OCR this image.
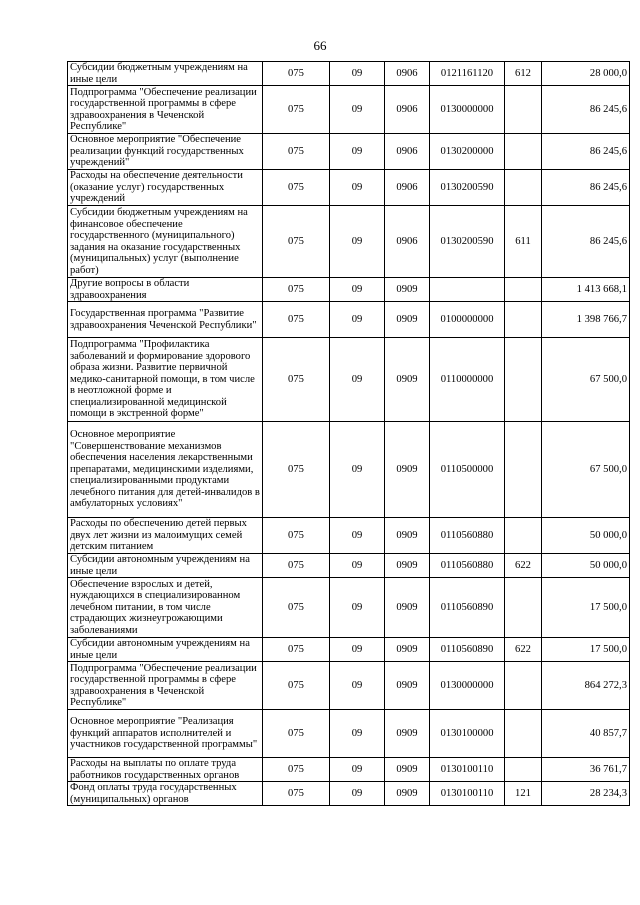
66
Субсидии бюджетным учреждениям на иные цели	075	09	0906	0121161120	612	28 000,0
Подпрограмма "Обеспечение реализации государственной программы в сфере здравоохранения в Чеченской Республике"	075	09	0906	0130000000		86 245,6
Основное мероприятие "Обеспечение реализации функций государственных учреждений"	075	09	0906	0130200000		86 245,6
Расходы на обеспечение деятельности (оказание услуг) государственных учреждений	075	09	0906	0130200590		86 245,6
Субсидии бюджетным учреждениям на финансовое обеспечение государственного (муниципального) задания на оказание государственных (муниципальных) услуг (выполнение работ)	075	09	0906	0130200590	611	86 245,6
Другие вопросы в области здравоохранения	075	09	0909			1 413 668,1
Государственная программа "Развитие здравоохранения Чеченской Республики"	075	09	0909	0100000000		1 398 766,7
Подпрограмма "Профилактика заболеваний и формирование здорового образа жизни. Развитие первичной медико-санитарной помощи, в том числе в неотложной форме и специализированной медицинской помощи в экстренной форме"	075	09	0909	0110000000		67 500,0
Основное мероприятие "Совершенствование механизмов обеспечения населения лекарственными препаратами, медицинскими изделиями, специализированными продуктами лечебного питания для детей-инвалидов в амбулаторных условиях"	075	09	0909	0110500000		67 500,0
Расходы по обеспечению детей первых двух лет жизни из малоимущих семей детским питанием	075	09	0909	0110560880		50 000,0
Субсидии автономным учреждениям на иные цели	075	09	0909	0110560880	622	50 000,0
Обеспечение взрослых и детей, нуждающихся в специализированном лечебном питании, в том числе страдающих жизнеугрожающими заболеваниями	075	09	0909	0110560890		17 500,0
Субсидии автономным учреждениям на иные цели	075	09	0909	0110560890	622	17 500,0
Подпрограмма "Обеспечение реализации государственной программы в сфере здравоохранения в Чеченской Республике"	075	09	0909	0130000000		864 272,3
Основное мероприятие "Реализация функций аппаратов исполнителей и участников государственной программы"	075	09	0909	0130100000		40 857,7
Расходы на выплаты по оплате труда работников государственных органов	075	09	0909	0130100110		36 761,7
Фонд оплаты труда государственных (муниципальных) органов	075	09	0909	0130100110	121	28 234,3
